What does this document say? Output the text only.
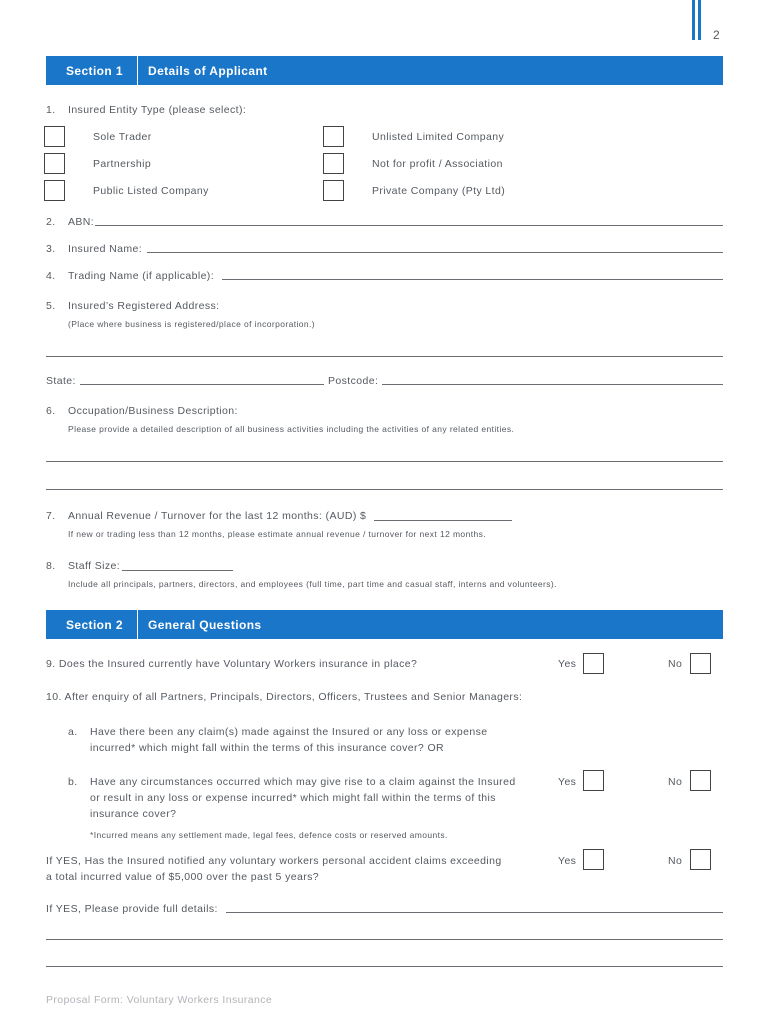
2
Section 1 Details of Applicant
1. Insured Entity Type (please select):
Sole Trader
Partnership
Public Listed Company
Unlisted Limited Company
Not for profit / Association
Private Company (Pty Ltd)
2. ABN:
3. Insured Name:
4. Trading Name (if applicable):
5. Insured’s Registered Address:
(Place where business is registered/place of incorporation.)
State:	Postcode:
6. Occupation/Business Description:
Please provide a detailed description of all business activities including the activities of any related entities.
7. Annual Revenue / Turnover for the last 12 months: (AUD) $
If new or trading less than 12 months, please estimate annual revenue / turnover for next 12 months.
8. Staff Size:
Include all principals, partners, directors, and employees (full time, part time and casual staff, interns and volunteers).
Section 2 General Questions
9. Does the Insured currently have Voluntary Workers insurance in place?	Yes	No
10. After enquiry of all Partners, Principals, Directors, Officers, Trustees and Senior Managers:
a. Have there been any claim(s) made against the Insured or any loss or expense
incurred* which might fall within the terms of this insurance cover? OR
b. Have any circumstances occurred which may give rise to a claim against the Insured
or result in any loss or expense incurred* which might fall within the terms of this
insurance cover?
Yes	No
*Incurred means any settlement made, legal fees, defence costs or reserved amounts.
If YES, Has the Insured notified any voluntary workers personal accident claims exceeding
a total incurred value of $5,000 over the past 5 years?
Yes	No
If YES, Please provide full details:
Proposal Form: Voluntary Workers Insurance
